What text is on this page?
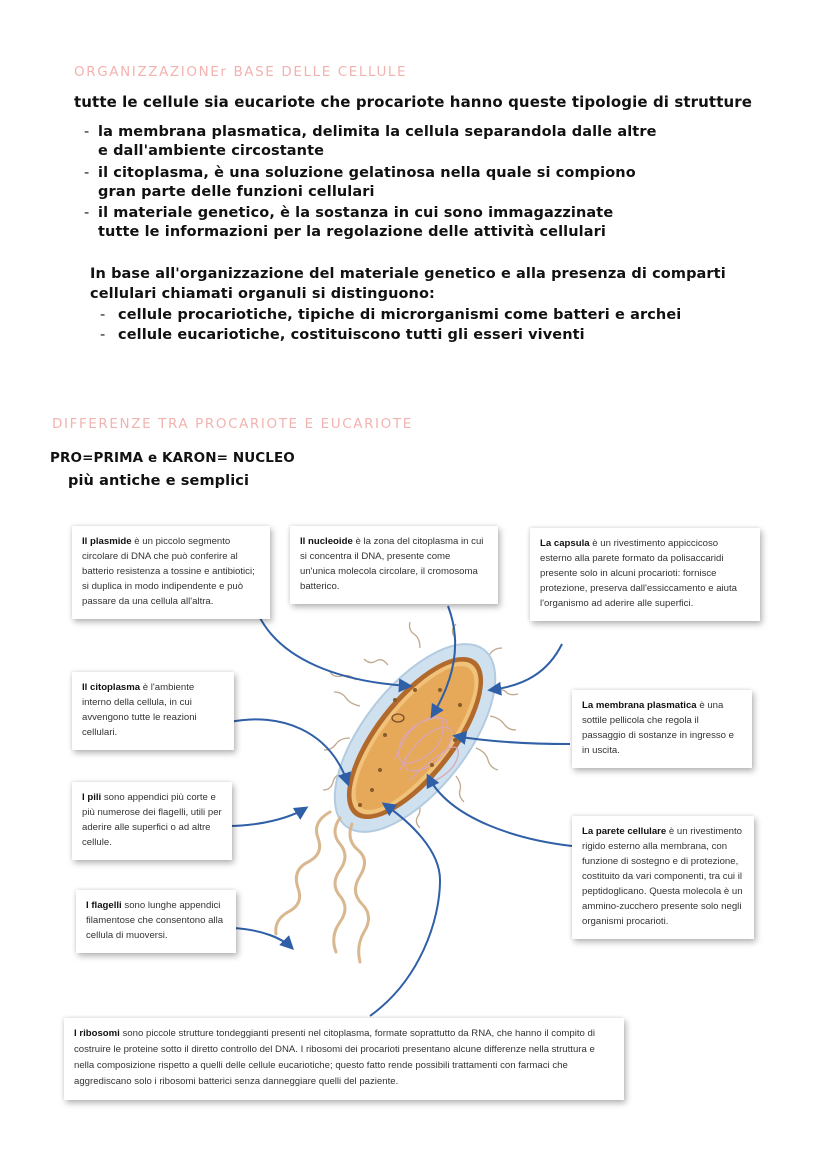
ORGANIZZAZIONEr BASE DELLE CELLULE
tutte le cellule sia eucariote che procariote hanno queste tipologie di strutture
- la membrana plasmatica, delimita la cellula separandola dalle altre
e dall'ambiente circostante
- il citoplasma, è una soluzione gelatinosa nella quale si compiono
gran parte delle funzioni cellulari
- il materiale genetico, è la sostanza in cui sono immagazzinate
tutte le informazioni per la regolazione delle attività cellulari
In base all'organizzazione del materiale genetico e alla presenza di comparti
cellulari chiamati organuli si distinguono:
- cellule procariotiche, tipiche di microrganismi come batteri e archei
- cellule eucariotiche, costituiscono tutti gli esseri viventi
DIFFERENZE TRA PROCARIOTE E EUCARIOTE
PRO=PRIMA e KARON= NUCLEO
più antiche e semplici

Il plasmide è un piccolo segmento circolare di DNA che può conferire al batterio resistenza a tossine e antibiotici; si duplica in modo indipendente e può passare da una cellula all'altra.

Il nucleoide è la zona del citoplasma in cui si concentra il DNA, presente come un'unica molecola circolare, il cromosoma batterico.

La capsula è un rivestimento appiccicoso esterno alla parete formato da polisaccaridi presente solo in alcuni procarioti: fornisce protezione, preserva dall'essiccamento e aiuta l'organismo ad aderire alle superfici.

Il citoplasma è l'ambiente interno della cellula, in cui avvengono tutte le reazioni cellulari.

La membrana plasmatica è una sottile pellicola che regola il passaggio di sostanze in ingresso e in uscita.

I pili sono appendici più corte e più numerose dei flagelli, utili per aderire alle superfici o ad altre cellule.

La parete cellulare è un rivestimento rigido esterno alla membrana, con funzione di sostegno e di protezione, costituito da vari componenti, tra cui il peptidoglicano. Questa molecola è un ammino-zucchero presente solo negli organismi procarioti.

I flagelli sono lunghe appendici filamentose che consentono alla cellula di muoversi.

I ribosomi sono piccole strutture tondeggianti presenti nel citoplasma, formate soprattutto da RNA, che hanno il compito di costruire le proteine sotto il diretto controllo del DNA. I ribosomi dei procarioti presentano alcune differenze nella struttura e nella composizione rispetto a quelli delle cellule eucariotiche; questo fatto rende possibili trattamenti con farmaci che aggrediscano solo i ribosomi batterici senza danneggiare quelli del paziente.
